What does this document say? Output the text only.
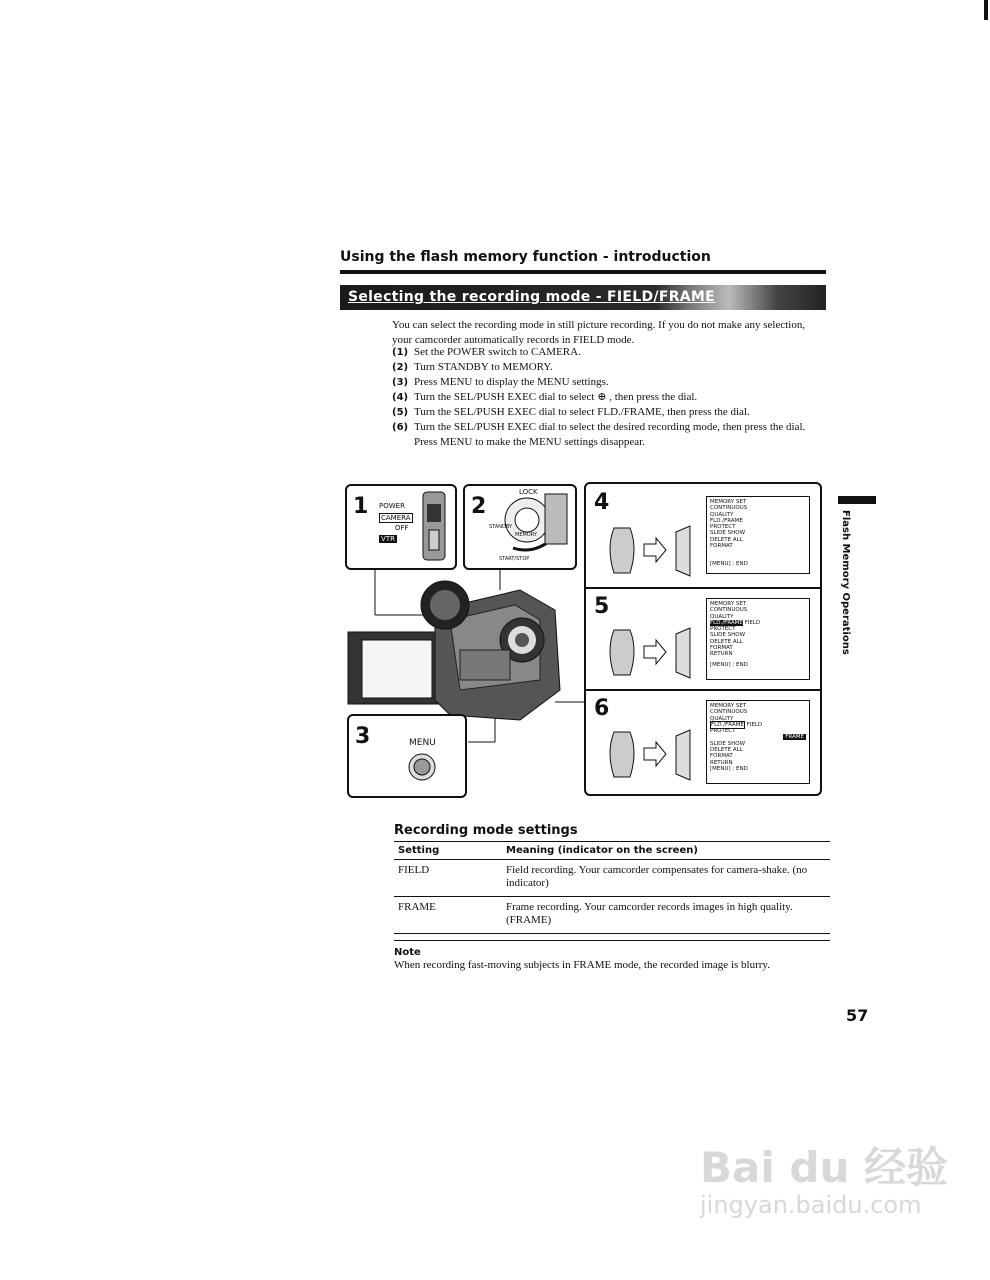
Using the flash memory function - introduction
Selecting the recording mode - FIELD/FRAME
You can select the recording mode in still picture recording. If you do not make any selection, your camcorder automatically records in FIELD mode.
(1) Set the POWER switch to CAMERA.
(2) Turn STANDBY to MEMORY.
(3) Press MENU to display the MENU settings.
(4) Turn the SEL/PUSH EXEC dial to select ⊕ , then press the dial.
(5) Turn the SEL/PUSH EXEC dial to select FLD./FRAME, then press the dial.
(6) Turn the SEL/PUSH EXEC dial to select the desired recording mode, then press the dial.
Press MENU to make the MENU settings disappear.
1 POWER
CAMERA
OFF
VTR
2
LOCK
STANDBY
MEMORY
START/STOP
3	MENU
4	MEMORY SET
CONTINUOUS
QUALITY
FLD./FRAME
PROTECT
SLIDE SHOW
DELETE ALL
FORMAT
[MENU] : END
5	MEMORY SET
CONTINUOUS
QUALITY
FLD./FRAME FIELD
PROTECT
SLIDE SHOW
DELETE ALL
FORMAT
RETURN
[MENU] : END
6	MEMORY SET
CONTINUOUS
QUALITY
FLD./FRAME FIELD
PROTECT
FRAME
SLIDE SHOW
DELETE ALL
FORMAT
RETURN
[MENU] : END
Flash Memory Operations
Recording mode settings
Setting	Meaning (indicator on the screen)
FIELD	Field recording. Your camcorder compensates for camera-shake. (no indicator)
FRAME	Frame recording. Your camcorder records images in high quality. (FRAME)
Note
When recording fast-moving subjects in FRAME mode, the recorded image is blurry.
57
Bai du 经验
jingyan.baidu.com
